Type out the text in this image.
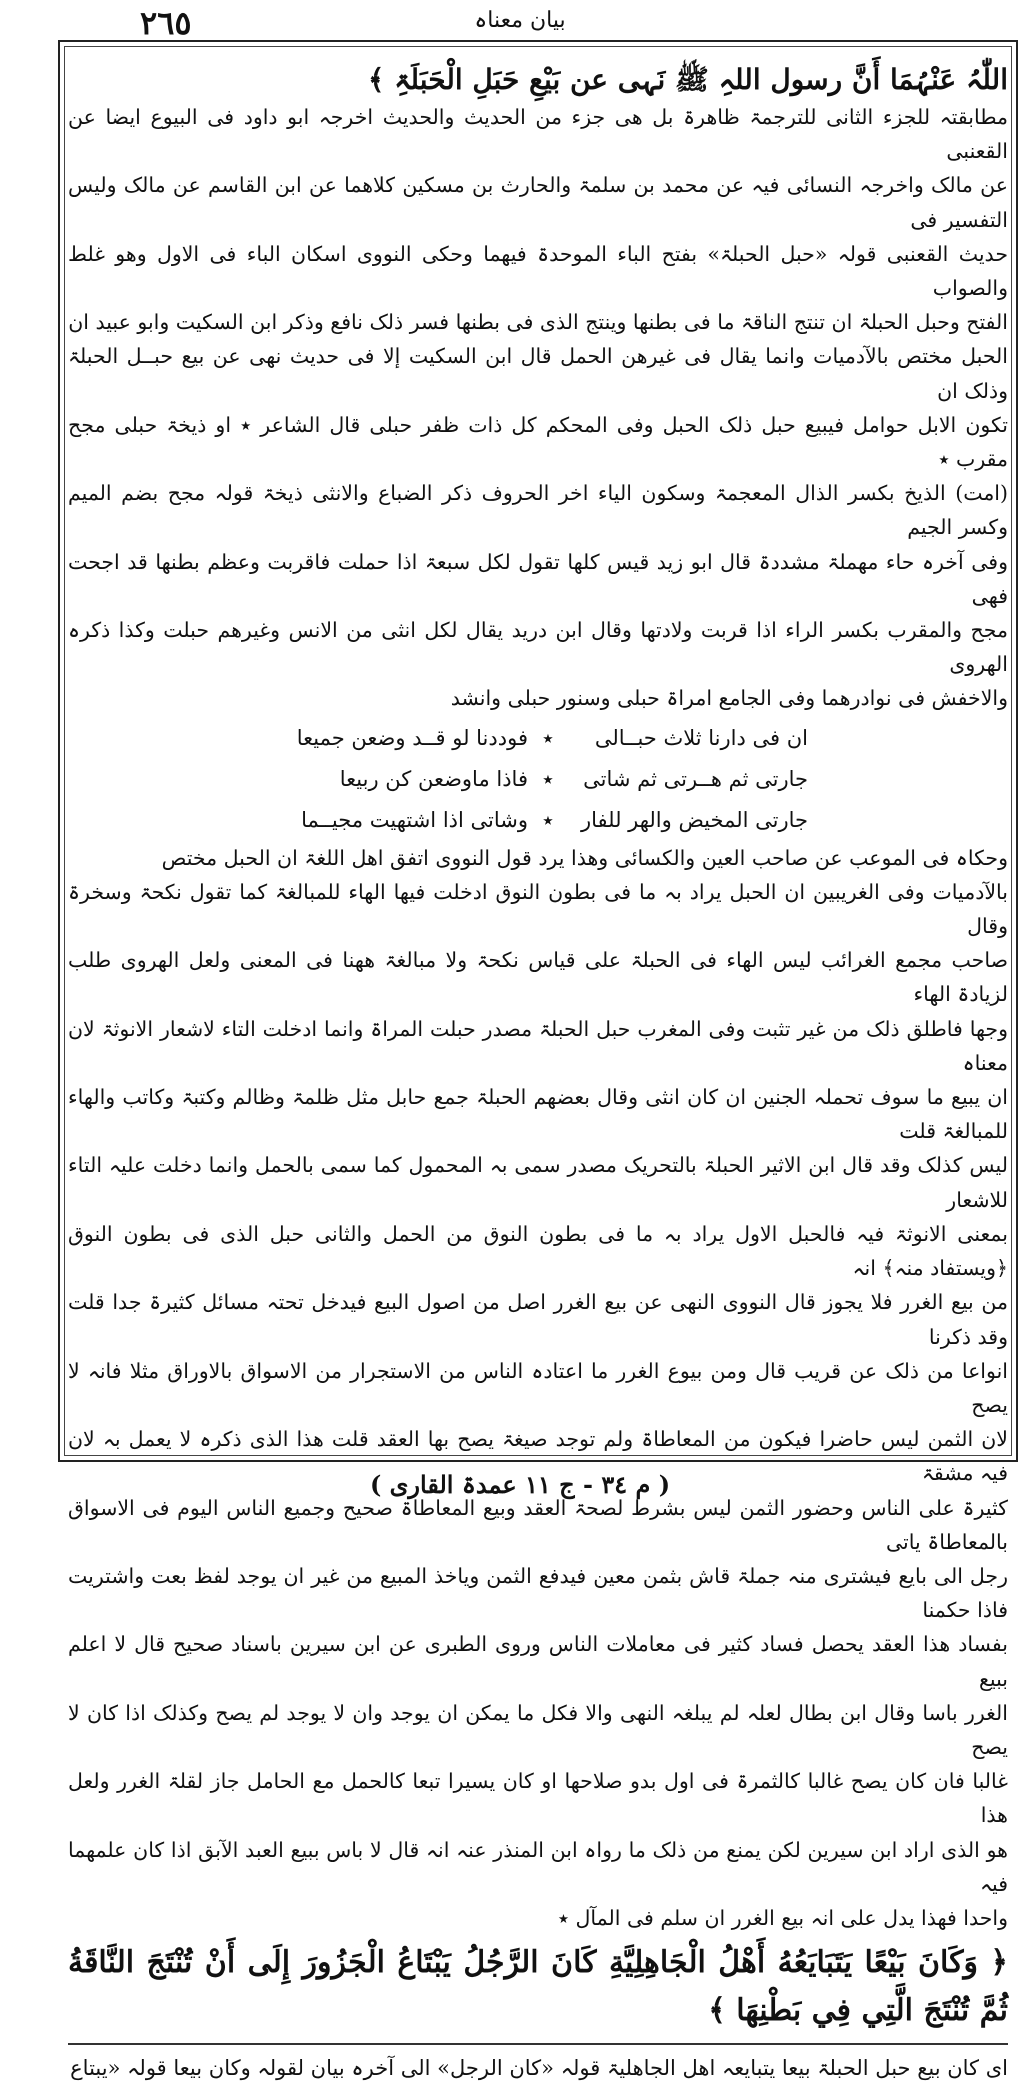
۲٦٥	بیان معناہ
اللّٰہُ عَنْہُمَا أَنَّ رسول اللہِ ﷺ نَہی عن بَیْعِ حَبَلِ الْحَبَلَۃِ ﴾
مطابقتہ للجزء الثانی للترجمۃ ظاهرۃ بل ھی جزء من الحدیث والحدیث اخرجہ ابو داود فی البیوع ایضا عن القعنبی
عن مالک واخرجہ النسائی فیہ عن محمد بن سلمۃ والحارث بن مسکین کلاھما عن ابن القاسم عن مالک ولیس التفسیر فی
حدیث القعنبی قولہ «حبل الحبلۃ» بفتح الباء الموحدۃ فیھما وحکی النووی اسکان الباء فی الاول وھو غلط والصواب
الفتح وحبل الحبلۃ ان تنتج الناقۃ ما فی بطنھا وینتج الذی فی بطنھا فسر ذلک نافع وذکر ابن السکیت وابو عبید ان
الحبل مختص بالآدمیات وانما یقال فی غیرھن الحمل قال ابن السکیت إلا فی حدیث نھی عن بیع حبــل الحبلۃ وذلک ان
تکون الابل حوامل فیبیع حبل ذلک الحبل وفی المحکم کل ذات ظفر حبلی قال الشاعر ٭ او ذیخۃ حبلی مجح مقرب ٭
(امت) الذیخ بکسر الذال المعجمۃ وسکون الیاء اخر الحروف ذکر الضباع والانثی ذیخۃ قولہ مجح بضم المیم وکسر الجیم
وفی آخرہ حاء مھملۃ مشددۃ قال ابو زید قیس کلھا تقول لکل سبعۃ اذا حملت فاقربت وعظم بطنھا قد اجحت فھی
مجح والمقرب بکسر الراء اذا قربت ولادتھا وقال ابن درید یقال لکل انثی من الانس وغیرھم حبلت وکذا ذکرہ الھروی
والاخفش فی نوادرھما وفی الجامع امراۃ حبلی وسنور حبلی وانشد
ان فی دارنا ثلاث حبــالی
٭
فوددنا لو قــد وضعن جمیعا
جارتی ثم ھــرتی ثم شاتی
٭
فاذا ماوضعن کن ربیعا
جارتی المخیض والھر للفار
٭
وشاتی اذا اشتھیت مجیــما
وحکاہ فی الموعب عن صاحب العین والکسائی وھذا یرد قول النووی اتفق اھل اللغۃ ان الحبل مختص
بالآدمیات وفی الغریبین ان الحبل یراد بہ ما فی بطون النوق ادخلت فیھا الھاء للمبالغۃ کما تقول نکحۃ وسخرۃ وقال
صاحب مجمع الغرائب لیس الھاء فی الحبلۃ علی قیاس نکحۃ ولا مبالغۃ ھھنا فی المعنی ولعل الھروی طلب لزیادۃ الھاء
وجھا فاطلق ذلک من غیر تثبت وفی المغرب حبل الحبلۃ مصدر حبلت المراۃ وانما ادخلت التاء لاشعار الانوثۃ لان معناہ
ان یبیع ما سوف تحملہ الجنین ان کان انثی وقال بعضھم الحبلۃ جمع حابل مثل ظلمۃ وظالم وکتبۃ وکاتب والھاء للمبالغۃ قلت
لیس کذلک وقد قال ابن الاثیر الحبلۃ بالتحریک مصدر سمی بہ المحمول کما سمی بالحمل وانما دخلت علیہ التاء للاشعار
بمعنی الانوثۃ فیہ فالحبل الاول یراد بہ ما فی بطون النوق من الحمل والثانی حبل الذی فی بطون النوق ﴿ویستفاد منہ﴾ انہ
من بیع الغرر فلا یجوز قال النووی النھی عن بیع الغرر اصل من اصول البیع فیدخل تحتہ مسائل کثیرۃ جدا قلت وقد ذکرنا
انواعا من ذلک عن قریب قال ومن بیوع الغرر ما اعتادہ الناس من الاستجرار من الاسواق بالاوراق مثلا فانہ لا یصح
لان الثمن لیس حاضرا فیکون من المعاطاۃ ولم توجد صیغۃ یصح بھا العقد قلت ھذا الذی ذکرہ لا یعمل بہ لان فیہ مشقۃ
کثیرۃ علی الناس وحضور الثمن لیس بشرط لصحۃ العقد وبیع المعاطاۃ صحیح وجمیع الناس الیوم فی الاسواق بالمعاطاۃ یاتی
رجل الی بایع فیشتری منہ جملۃ قاش بثمن معین فیدفع الثمن ویاخذ المبیع من غیر ان یوجد لفظ بعت واشتریت فاذا حکمنا
بفساد ھذا العقد یحصل فساد کثیر فی معاملات الناس وروی الطبری عن ابن سیرین باسناد صحیح قال لا اعلم ببیع
الغرر باسا وقال ابن بطال لعلہ لم یبلغہ النھی والا فکل ما یمکن ان یوجد وان لا یوجد لم یصح وکذلک اذا کان لا یصح
غالبا فان کان یصح غالبا کالثمرۃ فی اول بدو صلاحھا او کان یسیرا تبعا کالحمل مع الحامل جاز لقلۃ الغرر ولعل ھذا
ھو الذی اراد ابن سیرین لکن یمنع من ذلک ما رواہ ابن المنذر عنہ انہ قال لا باس ببیع العبد الآبق اذا کان علمھما فیہ
واحدا فھذا یدل علی انہ بیع الغرر ان سلم فی المآل ٭
﴿ وَكَانَ بَيْعًا يَتَبَايَعُهُ أَهْلُ الْجَاهِلِيَّةِ كَانَ الرَّجُلُ يَبْتَاعُ الْجَزُورَ إِلَى أَنْ تُنْتَجَ النَّاقَةُ ثُمَّ تُنْتَجَ الَّتِي فِي بَطْنِهَا ﴾
ای کان بیع حبل الحبلۃ بیعا یتبایعہ اھل الجاھلیۃ قولہ «کان الرجل» الی آخرہ بیان لقولہ وکان بیعا قولہ «یبتاع
( م ۳٤ - ج ۱۱ عمدۃ القاری )
